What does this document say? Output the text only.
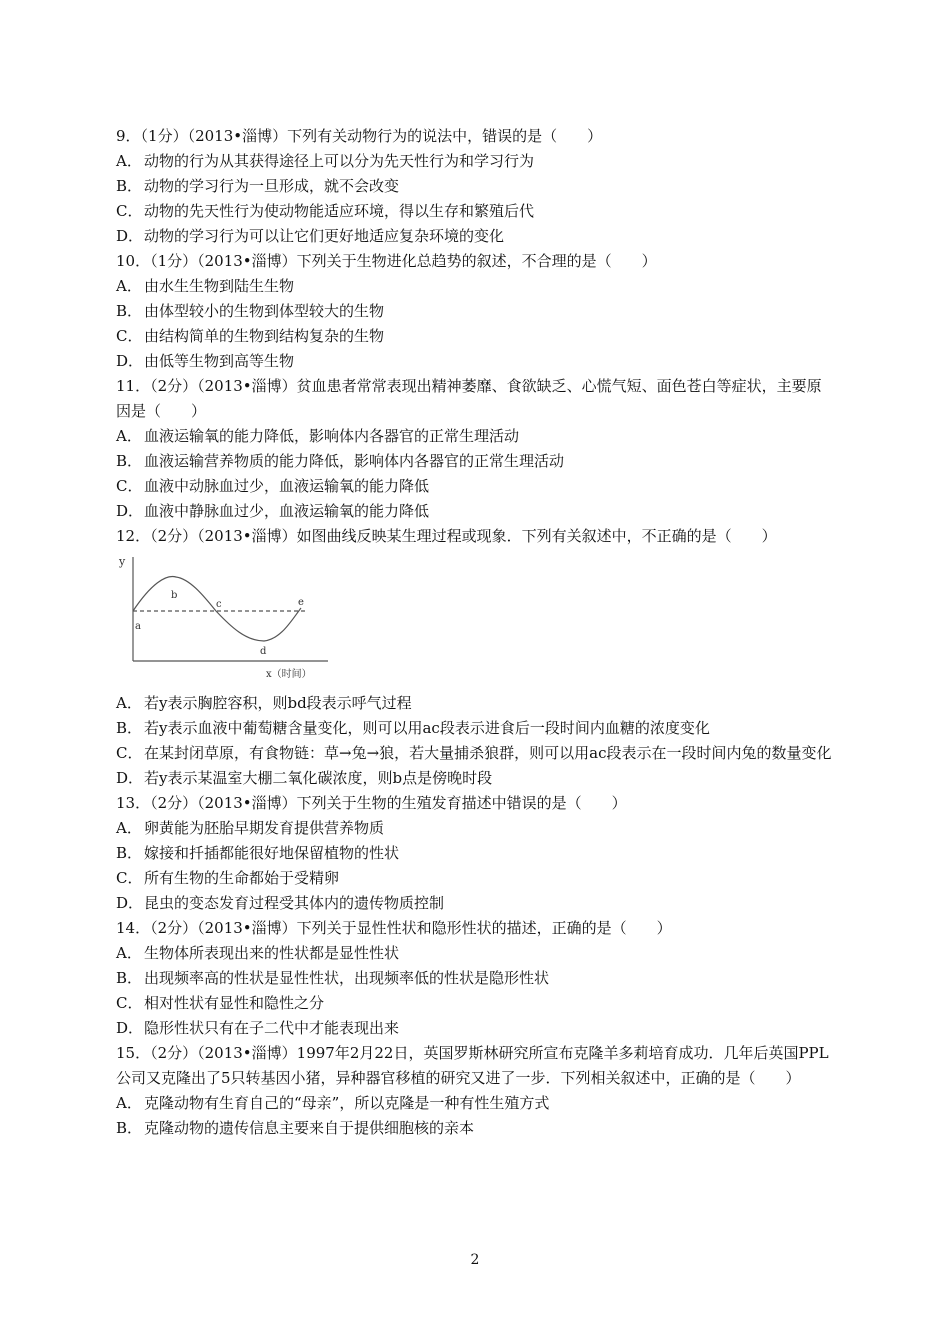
9．（1分）（2013•淄博）下列有关动物行为的说法中，错误的是（　　）
A． 动物的行为从其获得途径上可以分为先天性行为和学习行为
B． 动物的学习行为一旦形成，就不会改变
C． 动物的先天性行为使动物能适应环境，得以生存和繁殖后代
D． 动物的学习行为可以让它们更好地适应复杂环境的变化
10．（1分）（2013•淄博）下列关于生物进化总趋势的叙述，不合理的是（　　）
A． 由水生生物到陆生生物
B． 由体型较小的生物到体型较大的生物
C． 由结构简单的生物到结构复杂的生物
D． 由低等生物到高等生物
11．（2分）（2013•淄博）贫血患者常常表现出精神萎靡、食欲缺乏、心慌气短、面色苍白等症状，主要原因是（　　）
A． 血液运输氧的能力降低，影响体内各器官的正常生理活动
B． 血液运输营养物质的能力降低，影响体内各器官的正常生理活动
C． 血液中动脉血过少，血液运输氧的能力降低
D． 血液中静脉血过少，血液运输氧的能力降低
12．（2分）（2013•淄博）如图曲线反映某生理过程或现象．下列有关叙述中，不正确的是（　　）
y
a
b
c
d
e
x（时间）
A． 若y表示胸腔容积，则bd段表示呼气过程
B． 若y表示血液中葡萄糖含量变化，则可以用ac段表示进食后一段时间内血糖的浓度变化
C． 在某封闭草原，有食物链：草→兔→狼，若大量捕杀狼群，则可以用ac段表示在一段时间内兔的数量变化
D． 若y表示某温室大棚二氧化碳浓度，则b点是傍晚时段
13．（2分）（2013•淄博）下列关于生物的生殖发育描述中错误的是（　　）
A． 卵黄能为胚胎早期发育提供营养物质
B． 嫁接和扦插都能很好地保留植物的性状
C． 所有生物的生命都始于受精卵
D． 昆虫的变态发育过程受其体内的遗传物质控制
14．（2分）（2013•淄博）下列关于显性性状和隐形性状的描述，正确的是（　　）
A． 生物体所表现出来的性状都是显性性状
B． 出现频率高的性状是显性性状，出现频率低的性状是隐形性状
C． 相对性状有显性和隐性之分
D． 隐形性状只有在子二代中才能表现出来
15．（2分）（2013•淄博）1997年2月22日，英国罗斯林研究所宣布克隆羊多莉培育成功．几年后英国PPL公司又克隆出了5只转基因小猪，异种器官移植的研究又进了一步．下列相关叙述中，正确的是（　　）
A． 克隆动物有生育自己的“母亲”，所以克隆是一种有性生殖方式
B． 克隆动物的遗传信息主要来自于提供细胞核的亲本
2
